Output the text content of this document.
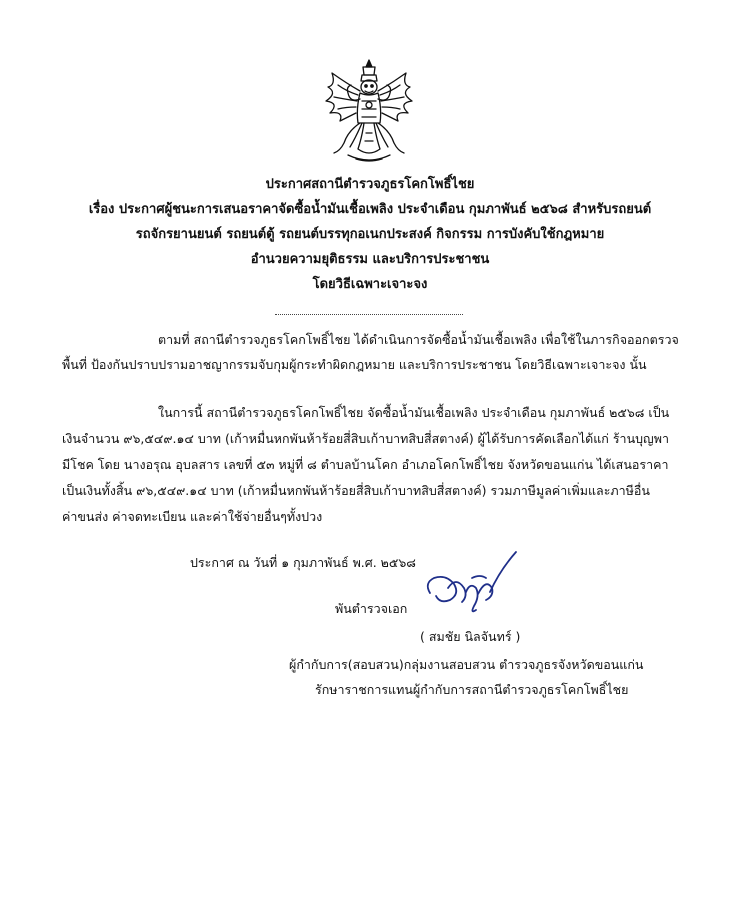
ประกาศสถานีตำรวจภูธรโคกโพธิ์ไชย
เรื่อง ประกาศผู้ชนะการเสนอราคาจัดซื้อน้ำมันเชื้อเพลิง ประจำเดือน กุมภาพันธ์ ๒๕๖๘ สำหรับรถยนต์
รถจักรยานยนต์ รถยนต์ตู้ รถยนต์บรรทุกอเนกประสงค์ กิจกรรม การบังคับใช้กฎหมาย
อำนวยความยุติธรรม และบริการประชาชน
โดยวิธีเฉพาะเจาะจง
ตามที่ สถานีตำรวจภูธรโคกโพธิ์ไชย ได้ดำเนินการจัดซื้อน้ำมันเชื้อเพลิง เพื่อใช้ในภารกิจออกตรวจ
พื้นที่ ป้องกันปราบปรามอาชญากรรมจับกุมผู้กระทำผิดกฎหมาย และบริการประชาชน โดยวิธีเฉพาะเจาะจง นั้น
ในการนี้ สถานีตำรวจภูธรโคกโพธิ์ไชย จัดซื้อน้ำมันเชื้อเพลิง ประจำเดือน กุมภาพันธ์ ๒๕๖๘ เป็น
เงินจำนวน ๙๖,๕๔๙.๑๔ บาท (เก้าหมื่นหกพันห้าร้อยสี่สิบเก้าบาทสิบสี่สตางค์) ผู้ได้รับการคัดเลือกได้แก่ ร้านบุญพา
มีโชค โดย นางอรุณ อุบลสาร เลขที่ ๕๓ หมู่ที่ ๘ ตำบลบ้านโคก อำเภอโคกโพธิ์ไชย จังหวัดขอนแก่น ได้เสนอราคา
เป็นเงินทั้งสิ้น ๙๖,๕๔๙.๑๔ บาท (เก้าหมื่นหกพันห้าร้อยสี่สิบเก้าบาทสิบสี่สตางค์) รวมภาษีมูลค่าเพิ่มและภาษีอื่น
ค่าขนส่ง ค่าจดทะเบียน และค่าใช้จ่ายอื่นๆทั้งปวง
ประกาศ ณ วันที่ ๑ กุมภาพันธ์ พ.ศ. ๒๕๖๘
พันตำรวจเอก
( สมชัย นิลจันทร์ )
ผู้กำกับการ(สอบสวน)กลุ่มงานสอบสวน ตำรวจภูธรจังหวัดขอนแก่น
รักษาราชการแทนผู้กำกับการสถานีตำรวจภูธรโคกโพธิ์ไชย
